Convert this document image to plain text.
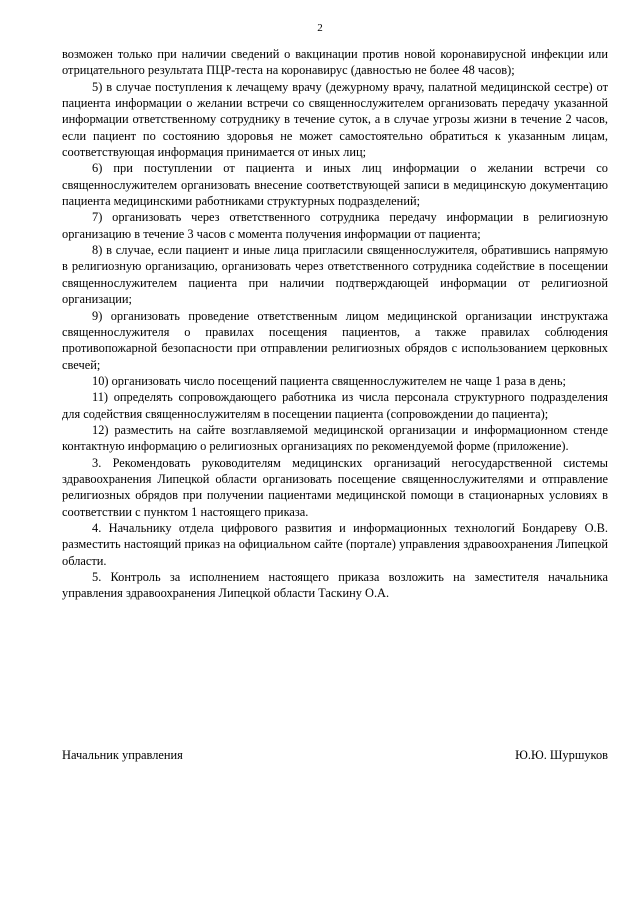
2

возможен только при наличии сведений о вакцинации против новой коронавирусной инфекции или отрицательного результата ПЦР-теста на коронавирус (давностью не более 48 часов);

5) в случае поступления к лечащему врачу (дежурному врачу, палатной медицинской сестре) от пациента информации о желании встречи со священнослужителем организовать передачу указанной информации ответственному сотруднику в течение суток, а в случае угрозы жизни в течение 2 часов, если пациент по состоянию здоровья не может самостоятельно обратиться к указанным лицам, соответствующая информация принимается от иных лиц;

6) при поступлении от пациента и иных лиц информации о желании встречи со священнослужителем организовать внесение соответствующей записи в медицинскую документацию пациента медицинскими работниками структурных подразделений;

7) организовать через ответственного сотрудника передачу информации в религиозную организацию в течение 3 часов с момента получения информации от пациента;

8) в случае, если пациент и иные лица пригласили священнослужителя, обратившись напрямую в религиозную организацию, организовать через ответственного сотрудника содействие в посещении священнослужителем пациента при наличии подтверждающей информации от религиозной организации;

9) организовать проведение ответственным лицом медицинской организации инструктажа священнослужителя о правилах посещения пациентов, а также правилах соблюдения противопожарной безопасности при отправлении религиозных обрядов с использованием церковных свечей;

10) организовать число посещений пациента священнослужителем не чаще 1 раза в день;

11) определять сопровождающего работника из числа персонала структурного подразделения для содействия священнослужителям в посещении пациента (сопровождении до пациента);

12) разместить на сайте возглавляемой медицинской организации и информационном стенде контактную информацию о религиозных организациях по рекомендуемой форме (приложение).

3. Рекомендовать руководителям медицинских организаций негосударственной системы здравоохранения Липецкой области организовать посещение священнослужителями и отправление религиозных обрядов при получении пациентами медицинской помощи в стационарных условиях в соответствии с пунктом 1 настоящего приказа.

4. Начальнику отдела цифрового развития и информационных технологий Бондареву О.В. разместить настоящий приказ на официальном сайте (портале) управления здравоохранения Липецкой области.

5. Контроль за исполнением настоящего приказа возложить на заместителя начальника управления здравоохранения Липецкой области Таскину О.А.

Начальник управления	Ю.Ю. Шуршуков
